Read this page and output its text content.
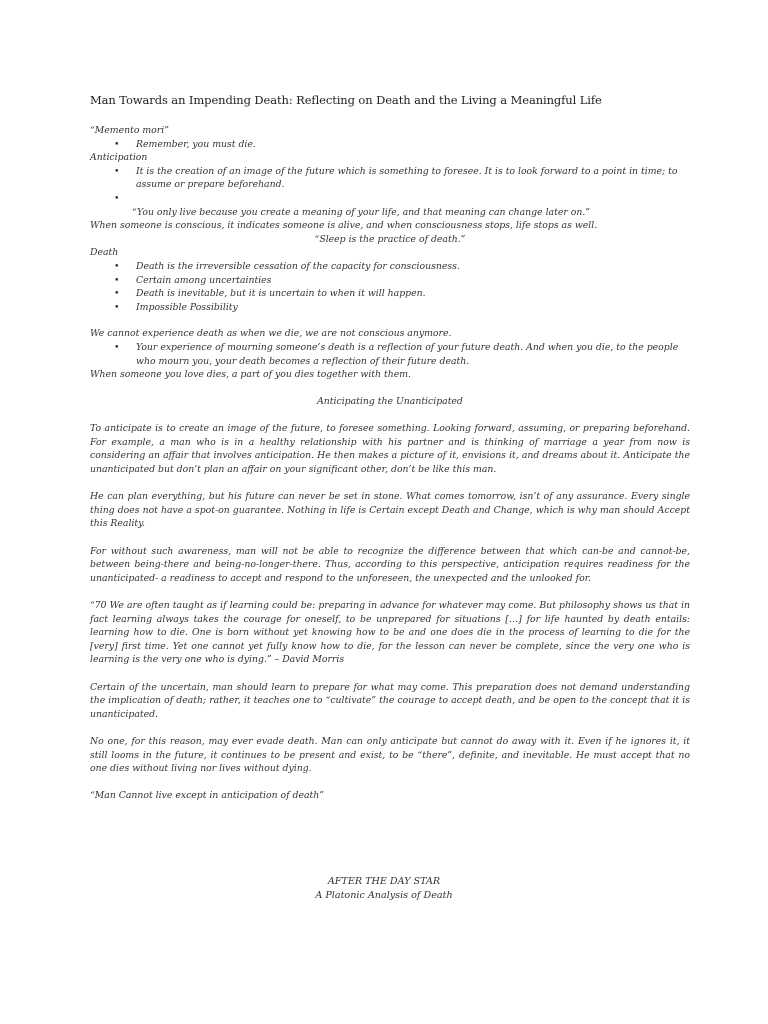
Man Towards an Impending Death: Reflecting on Death and the Living a Meaningful Life
“Memento mori”
• Remember, you must die.
Anticipation
• It is the creation of an image of the future which is something to foresee. It is to look forward to a point in time; to assume or prepare beforehand.
•
“You only live because you create a meaning of your life, and that meaning can change later on.”
When someone is conscious, it indicates someone is alive, and when consciousness stops, life stops as well.
“Sleep is the practice of death.”
Death
• Death is the irreversible cessation of the capacity for consciousness.
• Certain among uncertainties
• Death is inevitable, but it is uncertain to when it will happen.
• Impossible Possibility
We cannot experience death as when we die, we are not conscious anymore.
• Your experience of mourning someone’s death is a reflection of your future death. And when you die, to the people who mourn you, your death becomes a reflection of their future death.
When someone you love dies, a part of you dies together with them.
Anticipating the Unanticipated

To anticipate is to create an image of the future, to foresee something. Looking forward, assuming, or preparing beforehand. For example, a man who is in a healthy relationship with his partner and is thinking of marriage a year from now is considering an affair that involves anticipation. He then makes a picture of it, envisions it, and dreams about it. Anticipate the unanticipated but don’t plan an affair on your significant other, don’t be like this man.

He can plan everything, but his future can never be set in stone. What comes tomorrow, isn’t of any assurance. Every single thing does not have a spot-on guarantee. Nothing in life is Certain except Death and Change, which is why man should Accept this Reality.

For without such awareness, man will not be able to recognize the difference between that which can-be and cannot-be, between being-there and being-no-longer-there. Thus, according to this perspective, anticipation requires readiness for the unanticipated- a readiness to accept and respond to the unforeseen, the unexpected and the unlooked for.

“70 We are often taught as if learning could be: preparing in advance for whatever may come. But philosophy shows us that in fact learning always takes the courage for oneself, to be unprepared for situations […] for life haunted by death entails: learning how to die. One is born without yet knowing how to be and one does die in the process of learning to die for the [very] first time. Yet one cannot yet fully know how to die, for the lesson can never be complete, since the very one who is learning is the very one who is dying.” – David Morris

Certain of the uncertain, man should learn to prepare for what may come. This preparation does not demand understanding the implication of death; rather, it teaches one to “cultivate” the courage to accept death, and be open to the concept that it is unanticipated.

No one, for this reason, may ever evade death. Man can only anticipate but cannot do away with it. Even if he ignores it, it still looms in the future, it continues to be present and exist, to be “there”, definite, and inevitable. He must accept that no one dies without living nor lives without dying.

“Man Cannot live except in anticipation of death”

AFTER THE DAY STAR
A Platonic Analysis of Death
